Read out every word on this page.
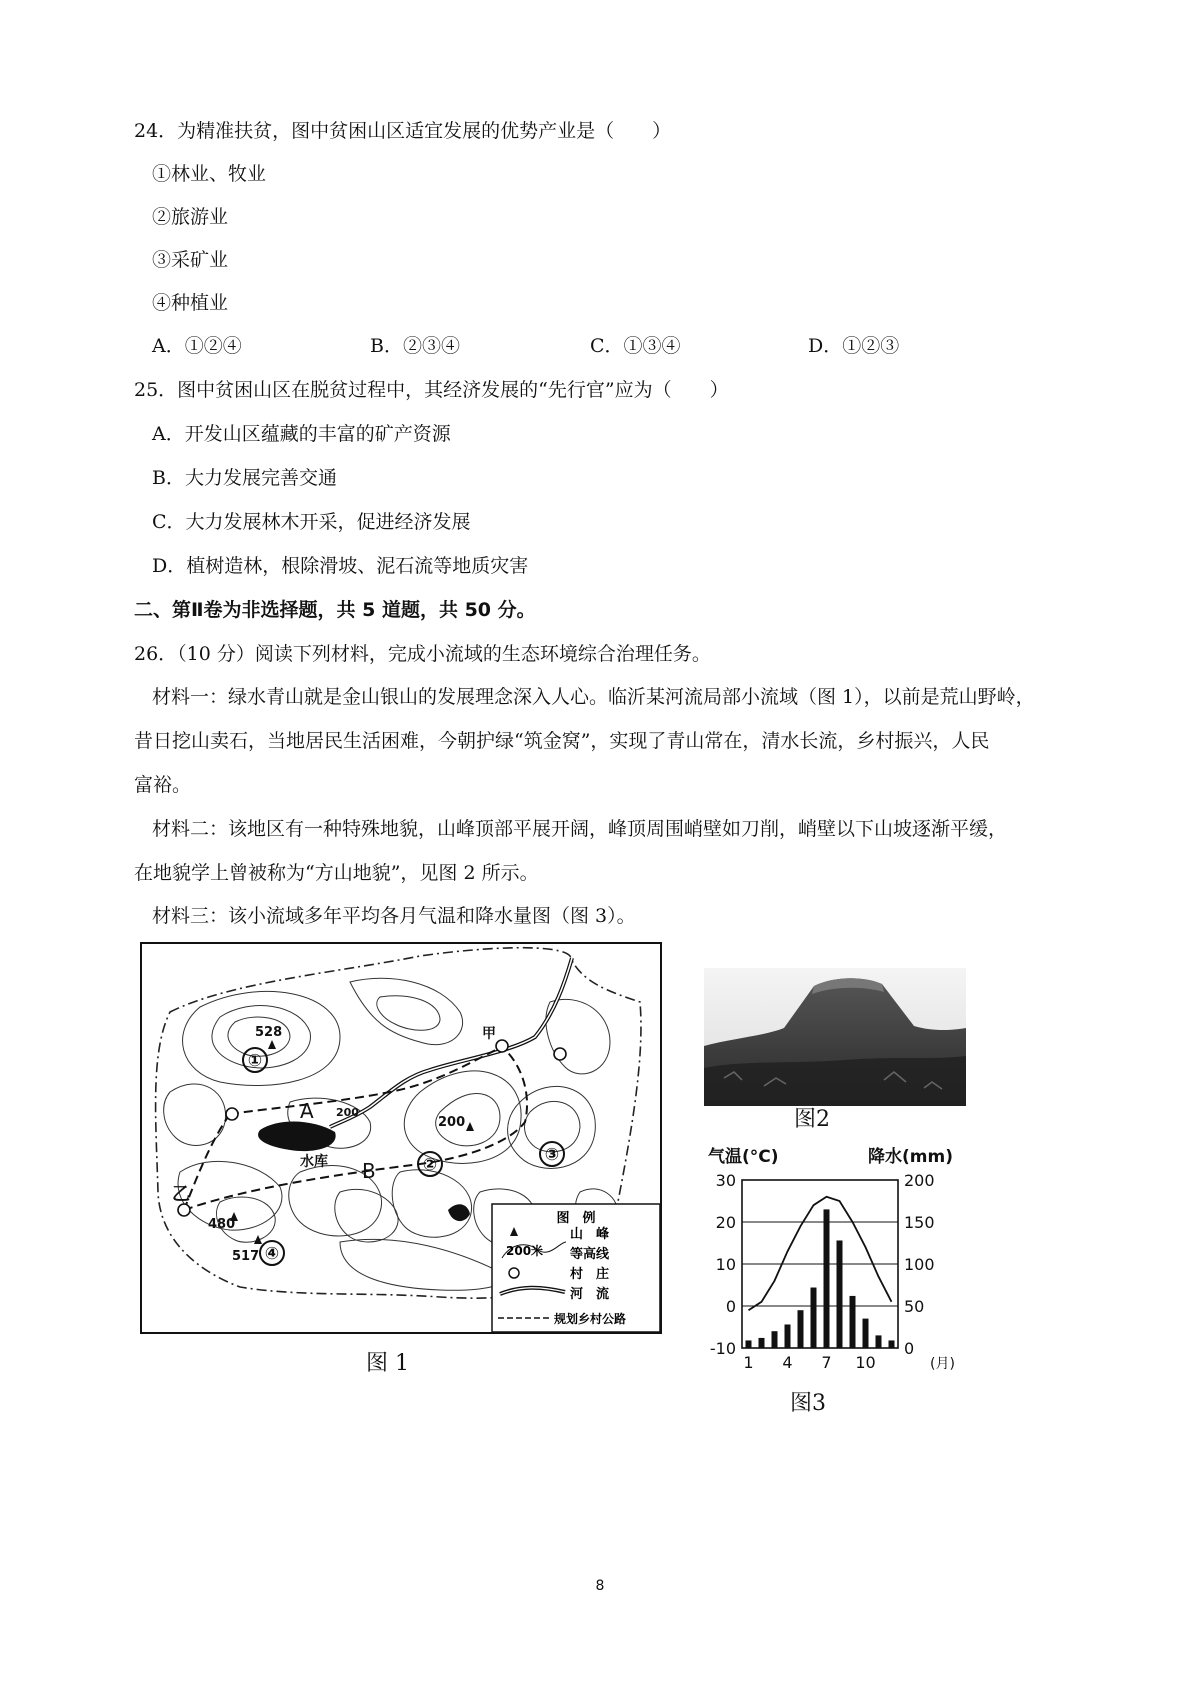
24．为精准扶贫，图中贫困山区适宜发展的优势产业是（　　）
①林业、牧业
②旅游业
③采矿业
④种植业
A．①②④	B．②③④	C．①③④	D．①②③
25．图中贫困山区在脱贫过程中，其经济发展的“先行官”应为（　　）
A．开发山区蕴藏的丰富的矿产资源
B．大力发展完善交通
C．大力发展林木开采，促进经济发展
D．植树造林，根除滑坡、泥石流等地质灾害
二、第Ⅱ卷为非选择题，共 5 道题，共 50 分。
26．（10 分）阅读下列材料，完成小流域的生态环境综合治理任务。
材料一：绿水青山就是金山银山的发展理念深入人心。临沂某河流局部小流域（图 1），以前是荒山野岭，
昔日挖山卖石，当地居民生活困难，今朝护绿“筑金窝”，实现了青山常在，清水长流，乡村振兴，人民
富裕。
材料二：该地区有一种特殊地貌，山峰顶部平展开阔，峰顶周围峭壁如刀削，峭壁以下山坡逐渐平缓，
在地貌学上曾被称为“方山地貌”，见图 2 所示。
材料三：该小流域多年平均各月气温和降水量图（图 3）。
①
②	③
④
528
517
480
200
200
A
B
甲
乙
水库
图　例
山　峰
200米 等高线
村　庄
河　流
规划乡村公路
图 1
图2
气温(°C)	降水(mm)
30
20
10
0
-10
200
150
100
50
0
1 4 7 10	(月)
图3
8
